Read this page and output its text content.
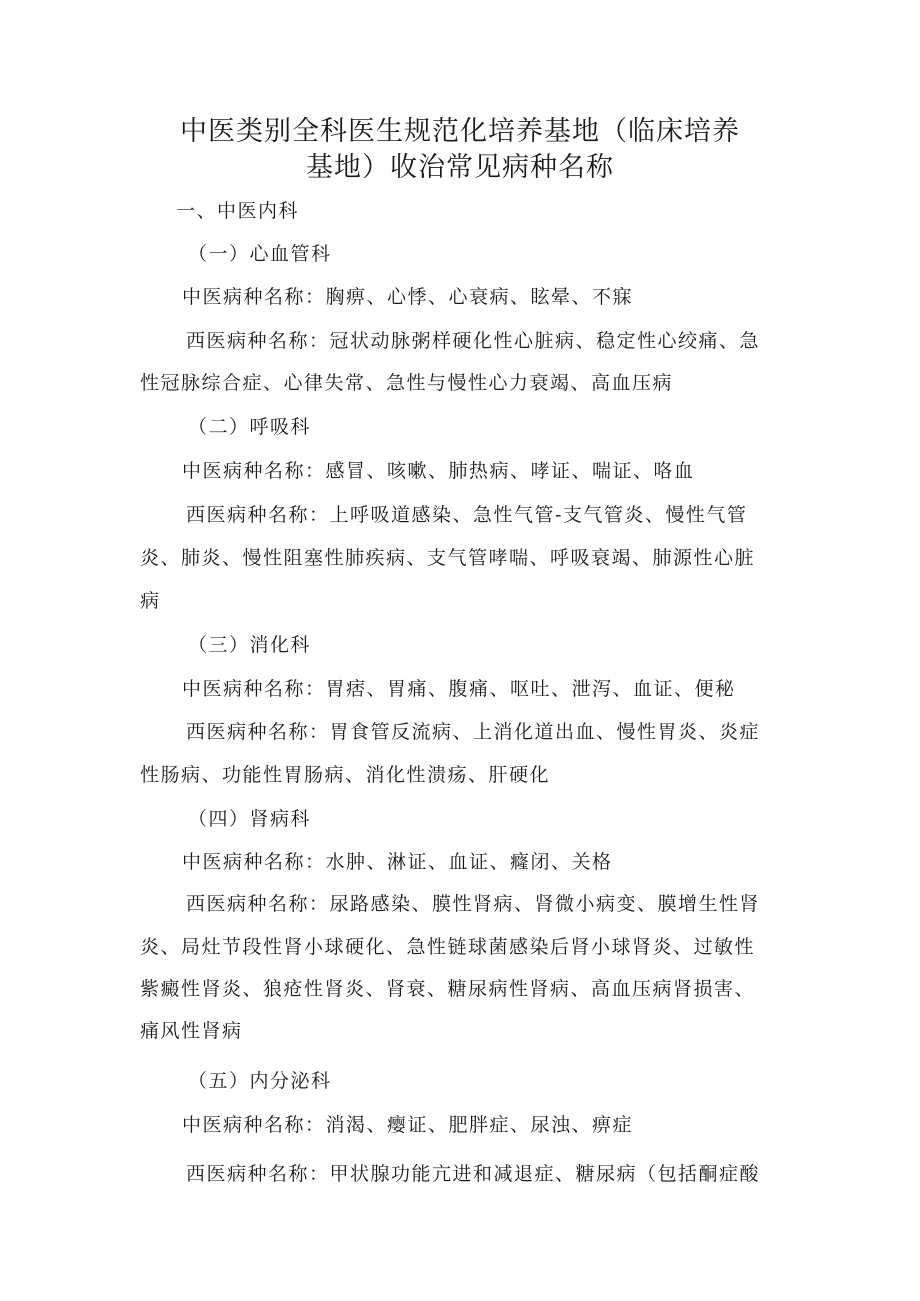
中医类别全科医生规范化培养基地（临床培养
基地）收治常见病种名称
一、中医内科
（一）心血管科
中医病种名称：胸痹、心悸、心衰病、眩晕、不寐
西医病种名称：冠状动脉粥样硬化性心脏病、稳定性心绞痛、急
性冠脉综合症、心律失常、急性与慢性心力衰竭、高血压病
（二）呼吸科
中医病种名称：感冒、咳嗽、肺热病、哮证、喘证、咯血
西医病种名称：上呼吸道感染、急性气管-支气管炎、慢性气管
炎、肺炎、慢性阻塞性肺疾病、支气管哮喘、呼吸衰竭、肺源性心脏
病
（三）消化科
中医病种名称：胃痞、胃痛、腹痛、呕吐、泄泻、血证、便秘
西医病种名称：胃食管反流病、上消化道出血、慢性胃炎、炎症
性肠病、功能性胃肠病、消化性溃疡、肝硬化
（四）肾病科
中医病种名称：水肿、淋证、血证、癃闭、关格
西医病种名称：尿路感染、膜性肾病、肾微小病变、膜增生性肾
炎、局灶节段性肾小球硬化、急性链球菌感染后肾小球肾炎、过敏性
紫癜性肾炎、狼疮性肾炎、肾衰、糖尿病性肾病、高血压病肾损害、
痛风性肾病
（五）内分泌科
中医病种名称：消渴、瘿证、肥胖症、尿浊、痹症
西医病种名称：甲状腺功能亢进和减退症、糖尿病（包括酮症酸
